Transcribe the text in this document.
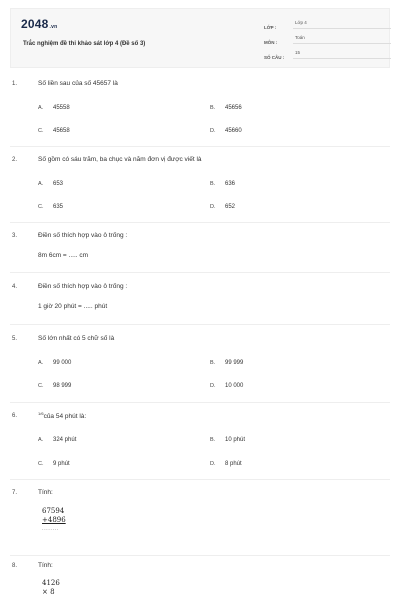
2048.vn
Trắc nghiệm đề thi khảo sát lớp 4 (Đề số 3)
LỚP :
Lớp 4
MÔN :
Toán
SỐ CÂU :
15
1.	Số liền sau của số 45657 là
A. 45558	B. 45656
C. 45658	D. 45660
2.	Số gồm có sáu trăm, ba chục và năm đơn vị được viết là
A. 653	B. 636
C. 635	D. 652
3.	Điền số thích hợp vào ô trống :
8m 6cm = ..... cm
4.	Điền số thích hợp vào ô trống :
1 giờ 20 phút = ..... phút
5.	Số lớn nhất có 5 chữ số là
A. 99 000	B. 99 999
C. 98 999	D. 10 000
6.	$^{1/6}$của 54 phút là:
A. 324 phút	B. 10 phút
C. 9 phút	D. 8 phút
7.	Tính:
67594
+4896
........
8.	Tính:
4126
× 8
